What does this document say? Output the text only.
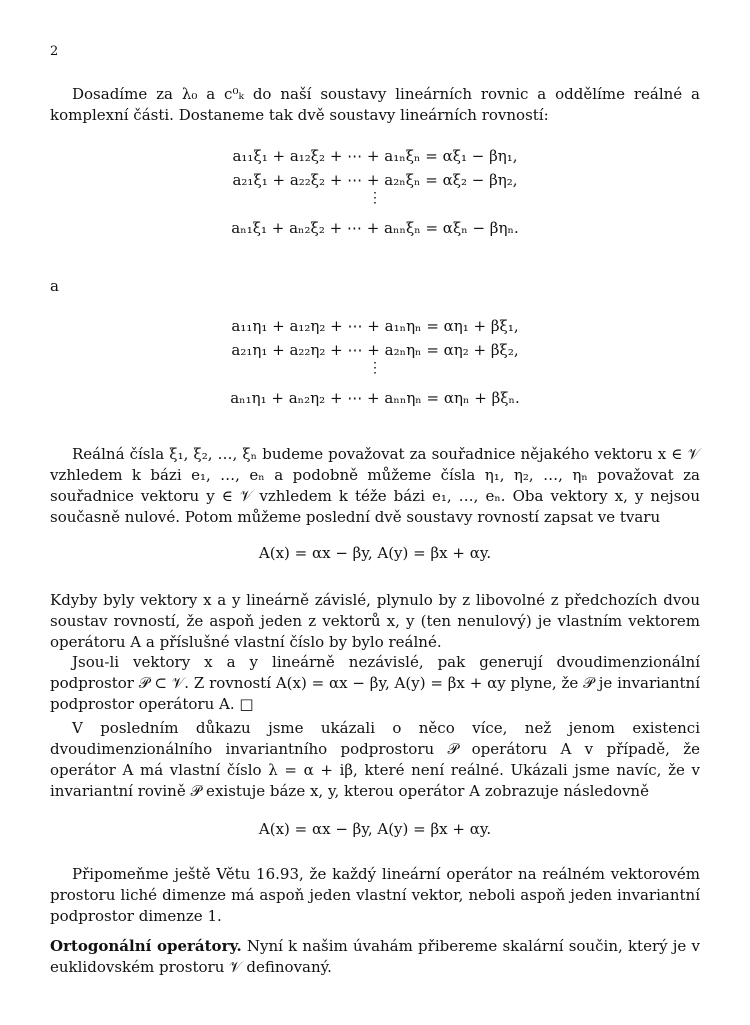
2
Dosadíme za λ₀ a c⁰ₖ do naší soustavy lineárních rovnic a oddělíme reálné a komplexní části. Dostaneme tak dvě soustavy lineárních rovností:
a₁₁ξ₁ + a₁₂ξ₂ + ⋯ + a₁ₙξₙ = αξ₁ − βη₁,
a₂₁ξ₁ + a₂₂ξ₂ + ⋯ + a₂ₙξₙ = αξ₂ − βη₂,
⋮
aₙ₁ξ₁ + aₙ₂ξ₂ + ⋯ + aₙₙξₙ = αξₙ − βηₙ.
a
a₁₁η₁ + a₁₂η₂ + ⋯ + a₁ₙηₙ = αη₁ + βξ₁,
a₂₁η₁ + a₂₂η₂ + ⋯ + a₂ₙηₙ = αη₂ + βξ₂,
⋮
aₙ₁η₁ + aₙ₂η₂ + ⋯ + aₙₙηₙ = αηₙ + βξₙ.
Reálná čísla ξ₁, ξ₂, …, ξₙ budeme považovat za souřadnice nějakého vektoru x ∈ 𝒱 vzhledem k bázi e₁, …, eₙ a podobně můžeme čísla η₁, η₂, …, ηₙ považovat za souřadnice vektoru y ∈ 𝒱 vzhledem k téže bázi e₁, …, eₙ. Oba vektory x, y nejsou současně nulové. Potom můžeme poslední dvě soustavy rovností zapsat ve tvaru
A(x) = αx − βy, A(y) = βx + αy.
Kdyby byly vektory x a y lineárně závislé, plynulo by z libovolné z předchozích dvou soustav rovností, že aspoň jeden z vektorů x, y (ten nenulový) je vlastním vektorem operátoru A a příslušné vlastní číslo by bylo reálné.
Jsou-li vektory x a y lineárně nezávislé, pak generují dvoudimenzionální podprostor 𝒫 ⊂ 𝒱. Z rovností A(x) = αx − βy, A(y) = βx + αy plyne, že 𝒫 je invariantní podprostor operátoru A. □
V posledním důkazu jsme ukázali o něco více, než jenom existenci dvoudimenzionálního invariantního podprostoru 𝒫 operátoru A v případě, že operátor A má vlastní číslo λ = α + iβ, které není reálné. Ukázali jsme navíc, že v invariantní rovině 𝒫 existuje báze x, y, kterou operátor A zobrazuje následovně
A(x) = αx − βy, A(y) = βx + αy.
Připomeňme ještě Větu 16.93, že každý lineární operátor na reálném vektorovém prostoru liché dimenze má aspoň jeden vlastní vektor, neboli aspoň jeden invariantní podprostor dimenze 1.
Ortogonální operátory. Nyní k našim úvahám přibereme skalární součin, který je v euklidovském prostoru 𝒱 definovaný.
